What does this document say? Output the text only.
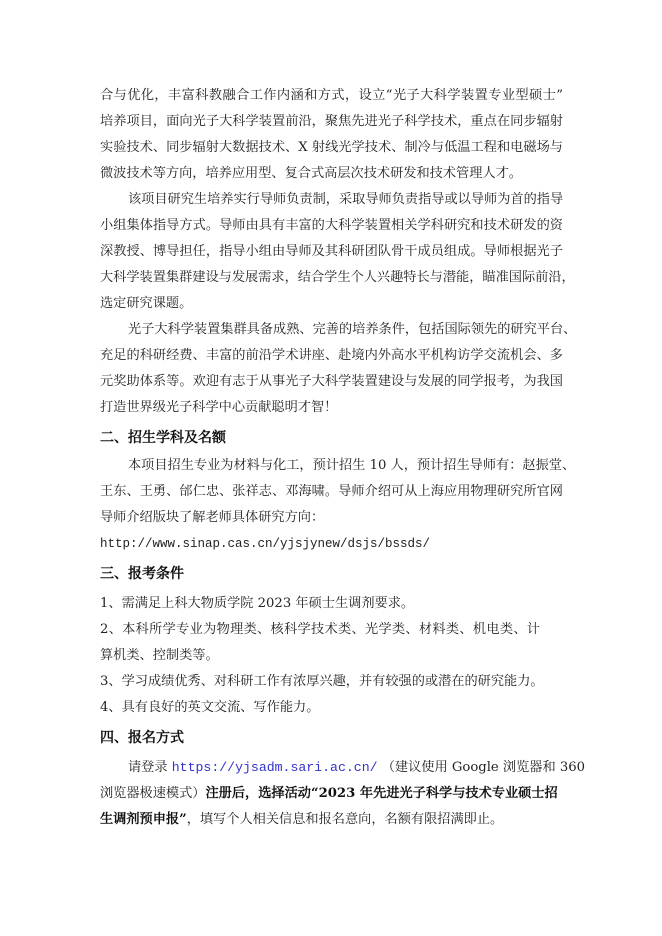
合与优化，丰富科教融合工作内涵和方式，设立“光子大科学装置专业型硕士”
培养项目，面向光子大科学装置前沿，聚焦先进光子科学技术，重点在同步辐射
实验技术、同步辐射大数据技术、X 射线光学技术、制冷与低温工程和电磁场与
微波技术等方向，培养应用型、复合式高层次技术研发和技术管理人才。
该项目研究生培养实行导师负责制，采取导师负责指导或以导师为首的指导
小组集体指导方式。导师由具有丰富的大科学装置相关学科研究和技术研发的资
深教授、博导担任，指导小组由导师及其科研团队骨干成员组成。导师根据光子
大科学装置集群建设与发展需求，结合学生个人兴趣特长与潜能，瞄准国际前沿，
选定研究课题。
光子大科学装置集群具备成熟、完善的培养条件，包括国际领先的研究平台、
充足的科研经费、丰富的前沿学术讲座、赴境内外高水平机构访学交流机会、多
元奖助体系等。欢迎有志于从事光子大科学装置建设与发展的同学报考，为我国
打造世界级光子科学中心贡献聪明才智！
二、招生学科及名额
本项目招生专业为材料与化工，预计招生 10 人，预计招生导师有：赵振堂、
王东、王勇、邰仁忠、张祥志、邓海啸。导师介绍可从上海应用物理研究所官网
导师介绍版块了解老师具体研究方向：
http://www.sinap.cas.cn/yjsjynew/dsjs/bssds/
三、报考条件
1、需满足上科大物质学院 2023 年硕士生调剂要求。
2、本科所学专业为物理类、核科学技术类、光学类、材料类、机电类、计
算机类、控制类等。
3、学习成绩优秀、对科研工作有浓厚兴趣，并有较强的或潜在的研究能力。
4、具有良好的英文交流、写作能力。
四、报名方式
请登录 https://yjsadm.sari.ac.cn/ （建议使用 Google 浏览器和 360
浏览器极速模式）注册后，选择活动“2023 年先进光子科学与技术专业硕士招
生调剂预申报”，填写个人相关信息和报名意向，名额有限招满即止。
